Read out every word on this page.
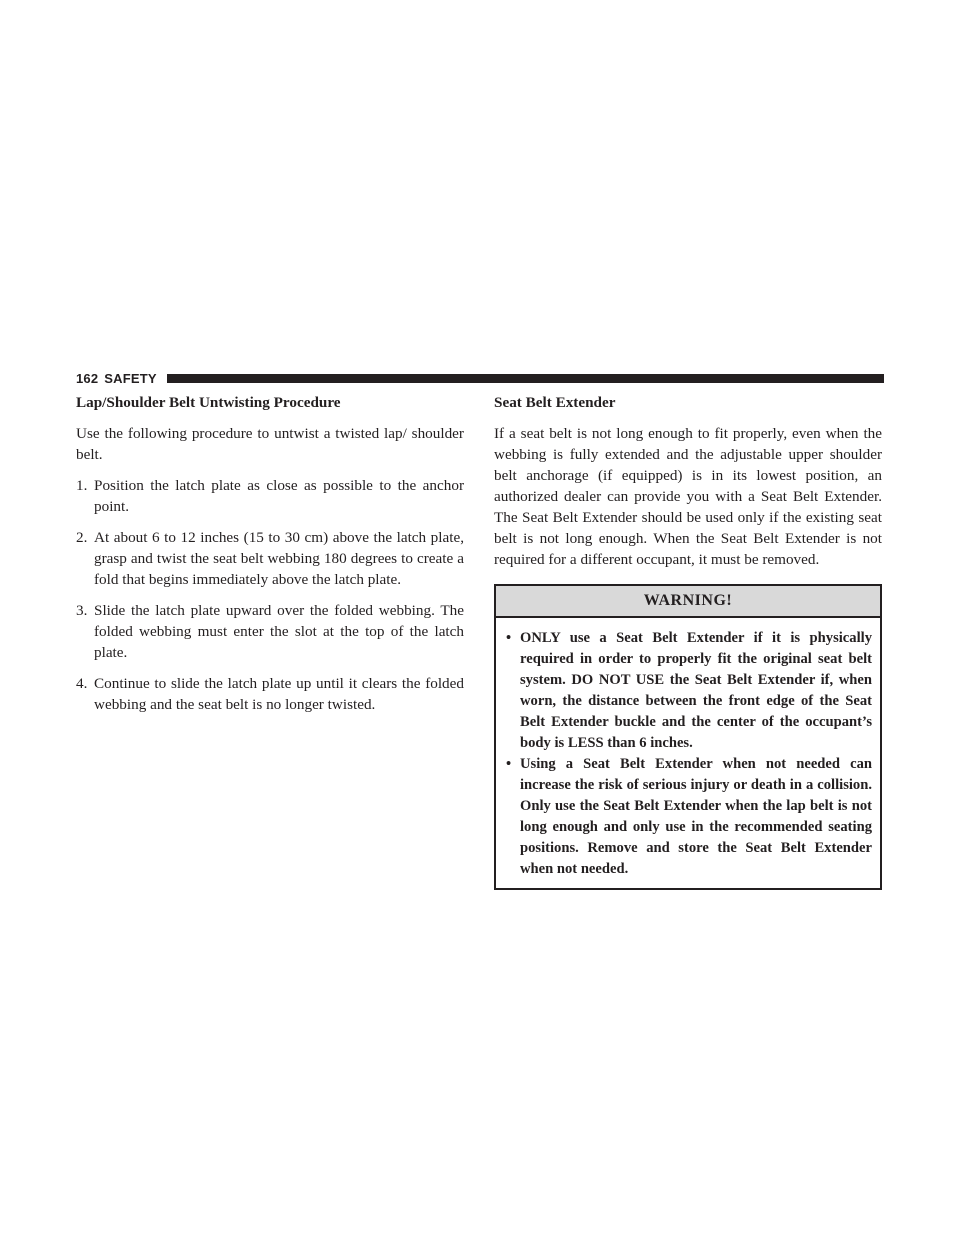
162 SAFETY
Lap/Shoulder Belt Untwisting Procedure

Use the following procedure to untwist a twisted lap/ shoulder belt.

1. Position the latch plate as close as possible to the anchor point.
2. At about 6 to 12 inches (15 to 30 cm) above the latch plate, grasp and twist the seat belt webbing 180 degrees to create a fold that begins immediately above the latch plate.
3. Slide the latch plate upward over the folded webbing. The folded webbing must enter the slot at the top of the latch plate.
4. Continue to slide the latch plate up until it clears the folded webbing and the seat belt is no longer twisted.
Seat Belt Extender

If a seat belt is not long enough to fit properly, even when the webbing is fully extended and the adjustable upper shoulder belt anchorage (if equipped) is in its lowest position, an authorized dealer can provide you with a Seat Belt Extender. The Seat Belt Extender should be used only if the existing seat belt is not long enough. When the Seat Belt Extender is not required for a different occupant, it must be removed.

WARNING!
• ONLY use a Seat Belt Extender if it is physically required in order to properly fit the original seat belt system. DO NOT USE the Seat Belt Extender if, when worn, the distance between the front edge of the Seat Belt Extender buckle and the center of the occupant’s body is LESS than 6 inches.
• Using a Seat Belt Extender when not needed can increase the risk of serious injury or death in a collision. Only use the Seat Belt Extender when the lap belt is not long enough and only use in the recommended seating positions. Remove and store the Seat Belt Extender when not needed.
